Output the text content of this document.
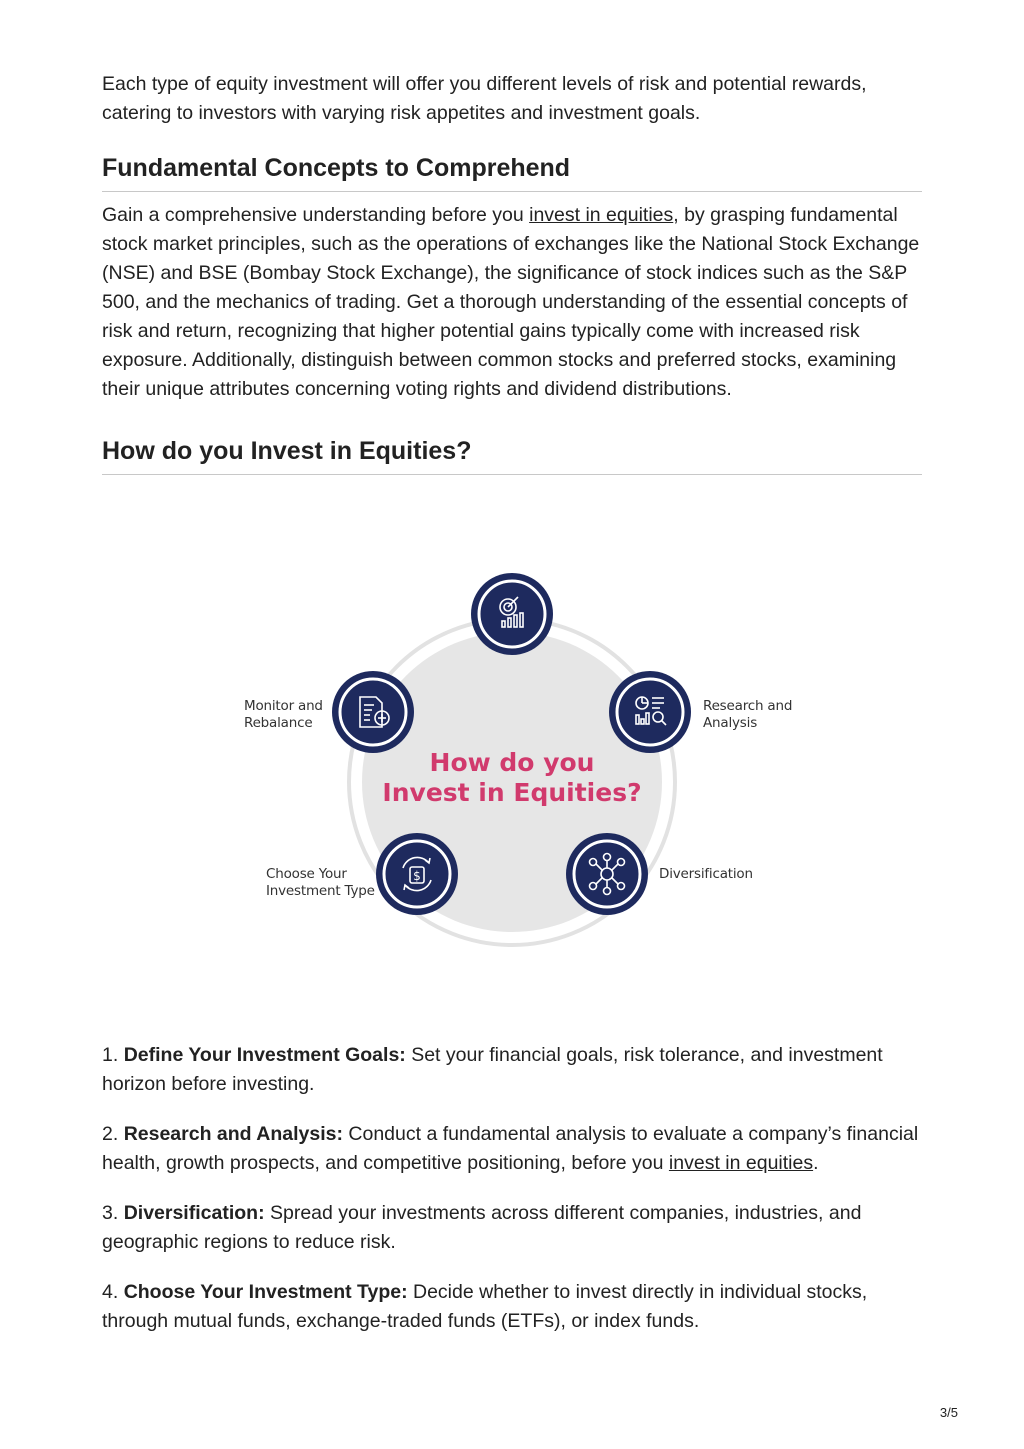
Each type of equity investment will offer you different levels of risk and potential rewards, catering to investors with varying risk appetites and investment goals.

Fundamental Concepts to Comprehend

Gain a comprehensive understanding before you invest in equities, by grasping fundamental stock market principles, such as the operations of exchanges like the National Stock Exchange (NSE) and BSE (Bombay Stock Exchange), the significance of stock indices such as the S&P 500, and the mechanics of trading. Get a thorough understanding of the essential concepts of risk and return, recognizing that higher potential gains typically come with increased risk exposure. Additionally, distinguish between common stocks and preferred stocks, examining their unique attributes concerning voting rights and dividend distributions.

How do you Invest in Equities?
How do you
Invest in Equities?
$
Research and
Analysis
Diversification
Choose Your
Investment Type
Monitor and
Rebalance

1. Define Your Investment Goals: Set your financial goals, risk tolerance, and investment horizon before investing.

2. Research and Analysis: Conduct a fundamental analysis to evaluate a company’s financial health, growth prospects, and competitive positioning, before you invest in equities.

3. Diversification: Spread your investments across different companies, industries, and geographic regions to reduce risk.

4. Choose Your Investment Type: Decide whether to invest directly in individual stocks, through mutual funds, exchange-traded funds (ETFs), or index funds.

3/5
